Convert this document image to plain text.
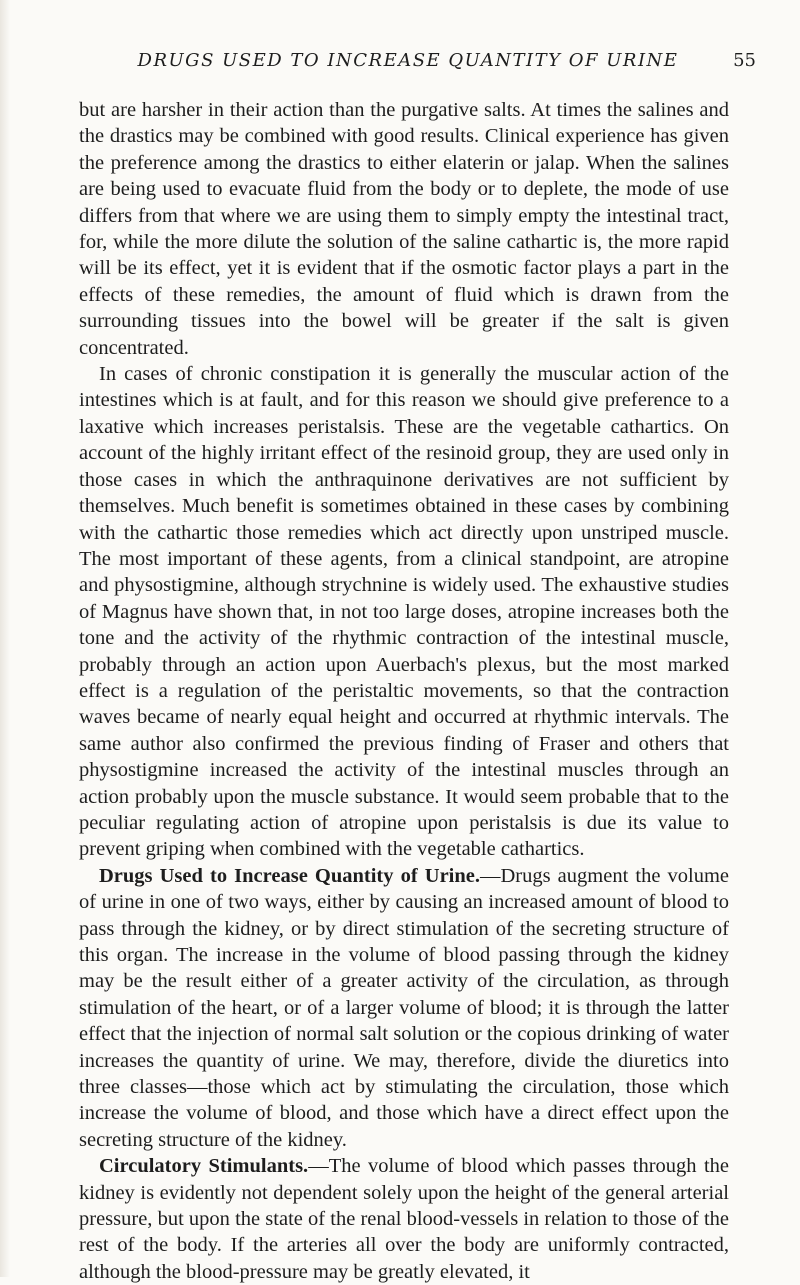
DRUGS USED TO INCREASE QUANTITY OF URINE	55

but are harsher in their action than the purgative salts. At times the salines and the drastics may be combined with good results. Clinical experience has given the preference among the drastics to either elaterin or jalap. When the salines are being used to evacuate fluid from the body or to deplete, the mode of use differs from that where we are using them to simply empty the intestinal tract, for, while the more dilute the solution of the saline cathartic is, the more rapid will be its effect, yet it is evident that if the osmotic factor plays a part in the effects of these remedies, the amount of fluid which is drawn from the surrounding tissues into the bowel will be greater if the salt is given concentrated.

In cases of chronic constipation it is generally the muscular action of the intestines which is at fault, and for this reason we should give preference to a laxative which increases peristalsis. These are the vegetable cathartics. On account of the highly irritant effect of the resinoid group, they are used only in those cases in which the anthraquinone derivatives are not sufficient by themselves. Much benefit is sometimes obtained in these cases by combining with the cathartic those remedies which act directly upon unstriped muscle. The most important of these agents, from a clinical standpoint, are atropine and physostigmine, although strychnine is widely used. The exhaustive studies of Magnus have shown that, in not too large doses, atropine increases both the tone and the activity of the rhythmic contraction of the intestinal muscle, probably through an action upon Auerbach's plexus, but the most marked effect is a regulation of the peristaltic movements, so that the contraction waves became of nearly equal height and occurred at rhythmic intervals. The same author also confirmed the previous finding of Fraser and others that physostigmine increased the activity of the intestinal muscles through an action probably upon the muscle substance. It would seem probable that to the peculiar regulating action of atropine upon peristalsis is due its value to prevent griping when combined with the vegetable cathartics.

Drugs Used to Increase Quantity of Urine.—Drugs augment the volume of urine in one of two ways, either by causing an increased amount of blood to pass through the kidney, or by direct stimulation of the secreting structure of this organ. The increase in the volume of blood passing through the kidney may be the result either of a greater activity of the circulation, as through stimulation of the heart, or of a larger volume of blood; it is through the latter effect that the injection of normal salt solution or the copious drinking of water increases the quantity of urine. We may, therefore, divide the diuretics into three classes—those which act by stimulating the circulation, those which increase the volume of blood, and those which have a direct effect upon the secreting structure of the kidney.

Circulatory Stimulants.—The volume of blood which passes through the kidney is evidently not dependent solely upon the height of the general arterial pressure, but upon the state of the renal blood-vessels in relation to those of the rest of the body. If the arteries all over the body are uniformly contracted, although the blood-pressure may be greatly elevated, it
